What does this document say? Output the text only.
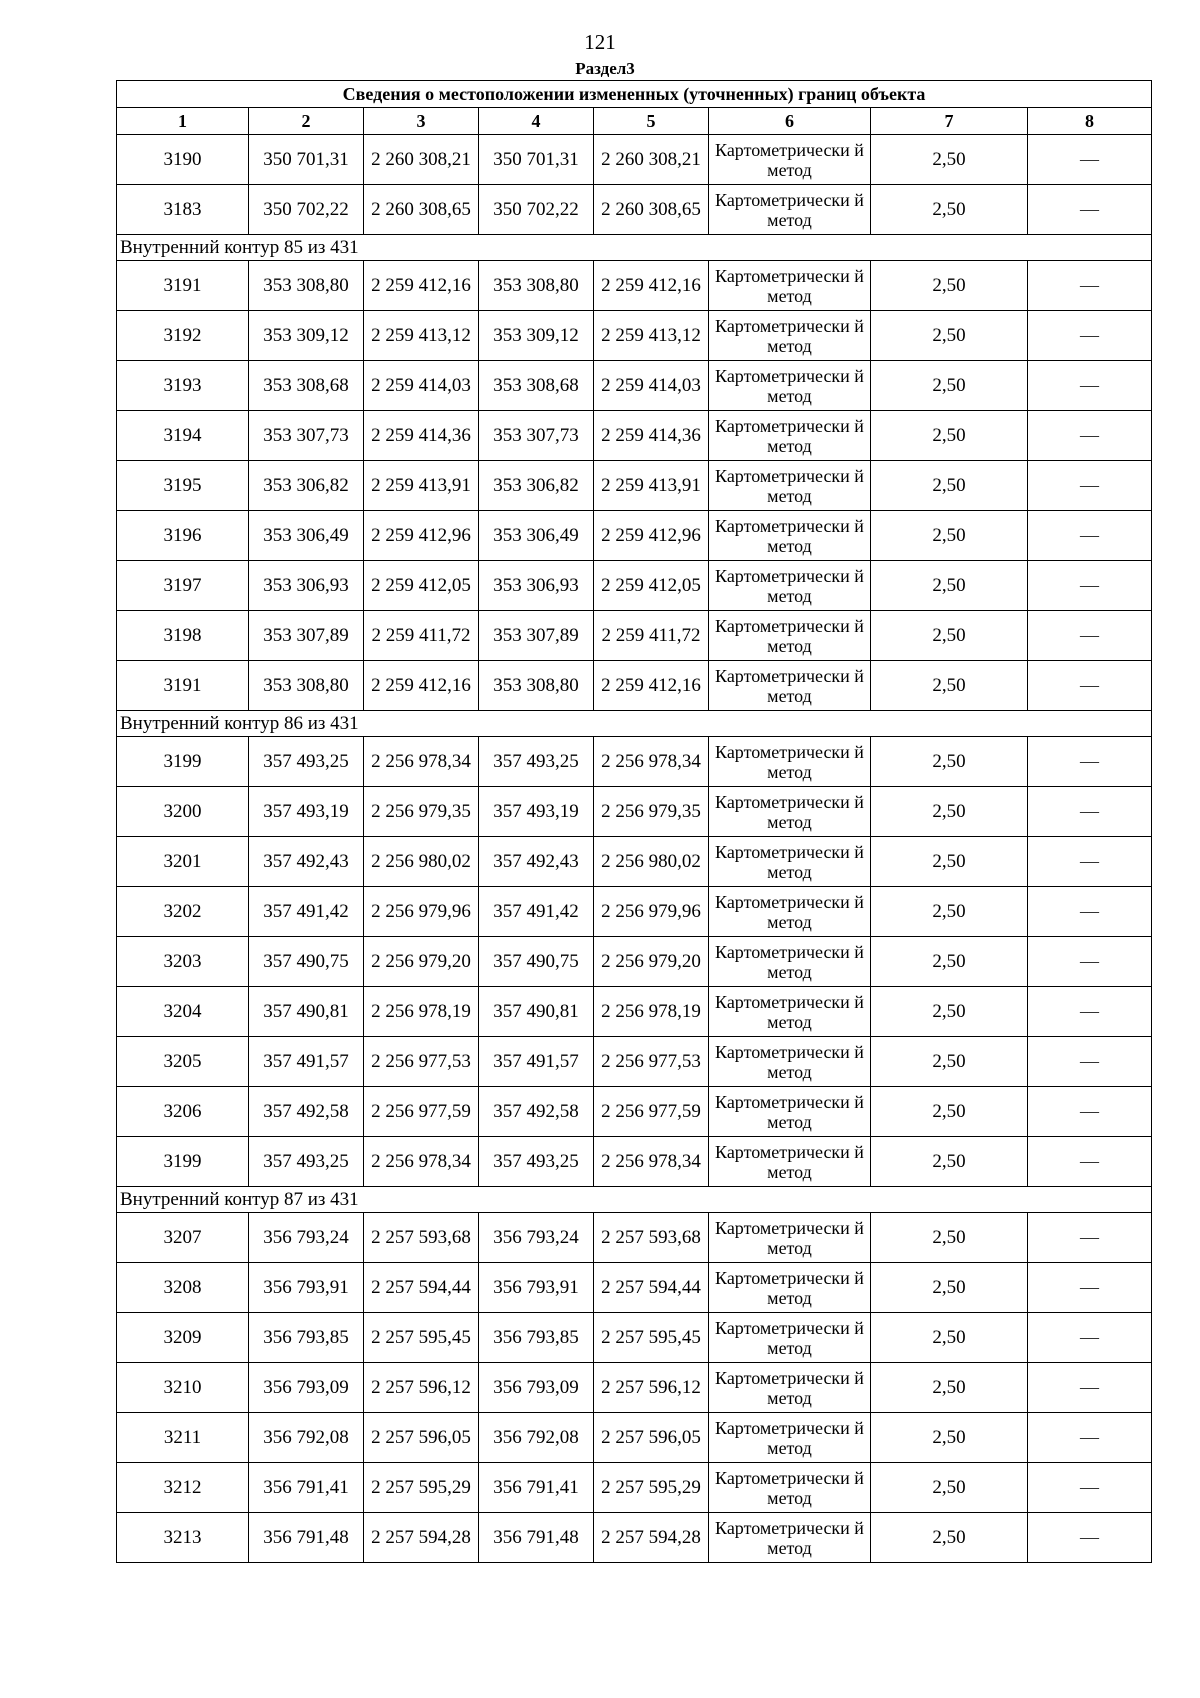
121
Раздел3
Сведения о местоположении измененных (уточненных) границ объекта							
1	2	3	4	5	6	7	8
3190	350 701,31	2 260 308,21	350 701,31	2 260 308,21	Картометрически й метод	2,50	—
3183	350 702,22	2 260 308,65	350 702,22	2 260 308,65	Картометрически й метод	2,50	—
Внутренний контур 85 из 431							
3191	353 308,80	2 259 412,16	353 308,80	2 259 412,16	Картометрически й метод	2,50	—
3192	353 309,12	2 259 413,12	353 309,12	2 259 413,12	Картометрически й метод	2,50	—
3193	353 308,68	2 259 414,03	353 308,68	2 259 414,03	Картометрически й метод	2,50	—
3194	353 307,73	2 259 414,36	353 307,73	2 259 414,36	Картометрически й метод	2,50	—
3195	353 306,82	2 259 413,91	353 306,82	2 259 413,91	Картометрически й метод	2,50	—
3196	353 306,49	2 259 412,96	353 306,49	2 259 412,96	Картометрически й метод	2,50	—
3197	353 306,93	2 259 412,05	353 306,93	2 259 412,05	Картометрически й метод	2,50	—
3198	353 307,89	2 259 411,72	353 307,89	2 259 411,72	Картометрически й метод	2,50	—
3191	353 308,80	2 259 412,16	353 308,80	2 259 412,16	Картометрически й метод	2,50	—
Внутренний контур 86 из 431							
3199	357 493,25	2 256 978,34	357 493,25	2 256 978,34	Картометрически й метод	2,50	—
3200	357 493,19	2 256 979,35	357 493,19	2 256 979,35	Картометрически й метод	2,50	—
3201	357 492,43	2 256 980,02	357 492,43	2 256 980,02	Картометрически й метод	2,50	—
3202	357 491,42	2 256 979,96	357 491,42	2 256 979,96	Картометрически й метод	2,50	—
3203	357 490,75	2 256 979,20	357 490,75	2 256 979,20	Картометрически й метод	2,50	—
3204	357 490,81	2 256 978,19	357 490,81	2 256 978,19	Картометрически й метод	2,50	—
3205	357 491,57	2 256 977,53	357 491,57	2 256 977,53	Картометрически й метод	2,50	—
3206	357 492,58	2 256 977,59	357 492,58	2 256 977,59	Картометрически й метод	2,50	—
3199	357 493,25	2 256 978,34	357 493,25	2 256 978,34	Картометрически й метод	2,50	—
Внутренний контур 87 из 431							
3207	356 793,24	2 257 593,68	356 793,24	2 257 593,68	Картометрически й метод	2,50	—
3208	356 793,91	2 257 594,44	356 793,91	2 257 594,44	Картометрически й метод	2,50	—
3209	356 793,85	2 257 595,45	356 793,85	2 257 595,45	Картометрически й метод	2,50	—
3210	356 793,09	2 257 596,12	356 793,09	2 257 596,12	Картометрически й метод	2,50	—
3211	356 792,08	2 257 596,05	356 792,08	2 257 596,05	Картометрически й метод	2,50	—
3212	356 791,41	2 257 595,29	356 791,41	2 257 595,29	Картометрически й метод	2,50	—
3213	356 791,48	2 257 594,28	356 791,48	2 257 594,28	Картометрически й метод	2,50	—
